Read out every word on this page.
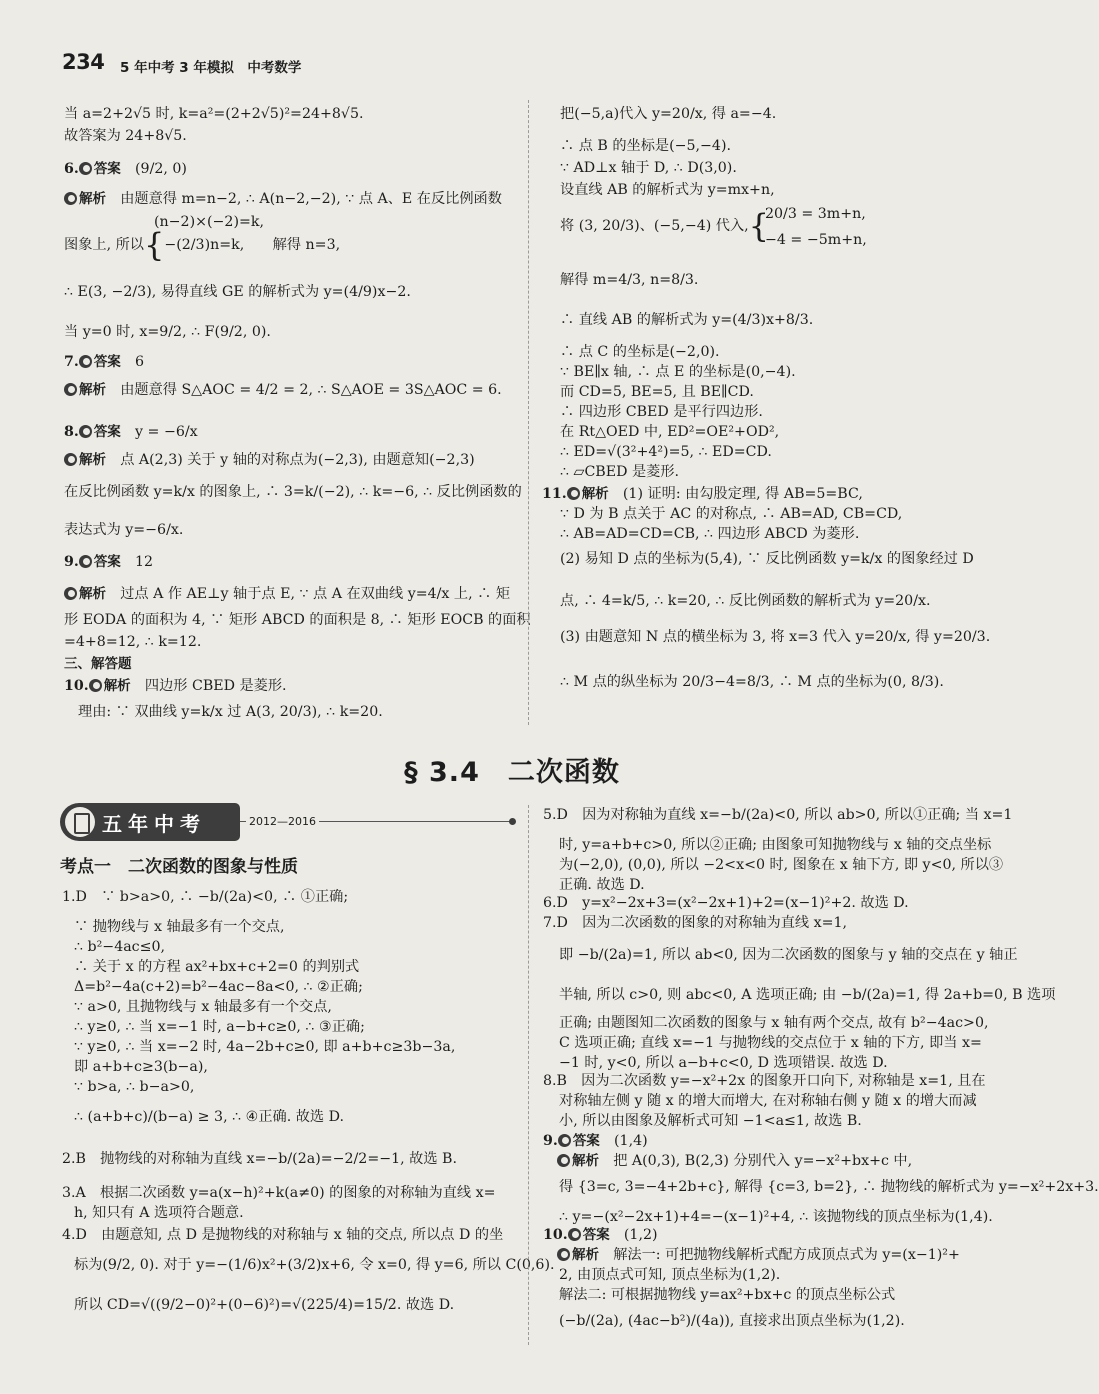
234 5 年中考 3 年模拟　中考数学
当 a=2+2√5 时, k=a²=(2+2√5)²=24+8√5.
故答案为 24+8√5.
6. 答案　 (9/2, 0)
解析　 由题意得 m=n−2, ∴ A(n−2,−2), ∵ 点 A、E 在反比例函数
(n−2)×(−2)=k,
图象上, 所以{−(2/3)n=k,　　 解得 n=3,
∴ E(3, −2/3), 易得直线 GE 的解析式为 y=(4/9)x−2.
当 y=0 时, x=9/2, ∴ F(9/2, 0).
7. 答案　 6
解析　 由题意得 S△AOC = 4/2 = 2, ∴ S△AOE = 3S△AOC = 6.
8. 答案　 y = −6/x
解析　 点 A(2,3) 关于 y 轴的对称点为(−2,3), 由题意知(−2,3)
在反比例函数 y=k/x 的图象上, ∴ 3=k/(−2), ∴ k=−6, ∴ 反比例函数的
表达式为 y=−6/x.
9. 答案　 12
解析　 过点 A 作 AE⊥y 轴于点 E, ∵ 点 A 在双曲线 y=4/x 上, ∴ 矩
形 EODA 的面积为 4, ∵ 矩形 ABCD 的面积是 8, ∴ 矩形 EOCB 的面积
=4+8=12, ∴ k=12.
三、解答题
10. 解析　 四边形 CBED 是菱形.
理由: ∵ 双曲线 y=k/x 过 A(3, 20/3), ∴ k=20.
把(−5,a)代入 y=20/x, 得 a=−4.
∴ 点 B 的坐标是(−5,−4).
∵ AD⊥x 轴于 D, ∴ D(3,0).
设直线 AB 的解析式为 y=mx+n,
将 (3, 20/3)、(−5,−4) 代入,{
20/3 = 3m+n,
−4 = −5m+n,
解得 m=4/3, n=8/3.
∴ 直线 AB 的解析式为 y=(4/3)x+8/3.
∴ 点 C 的坐标是(−2,0).
∵ BE∥x 轴, ∴ 点 E 的坐标是(0,−4).
而 CD=5, BE=5, 且 BE∥CD.
∴ 四边形 CBED 是平行四边形.
在 Rt△OED 中, ED²=OE²+OD²,
∴ ED=√(3²+4²)=5, ∴ ED=CD.
∴ ▱CBED 是菱形.
11. 解析　 (1) 证明: 由勾股定理, 得 AB=5=BC,
∵ D 为 B 点关于 AC 的对称点, ∴ AB=AD, CB=CD,
∴ AB=AD=CD=CB, ∴ 四边形 ABCD 为菱形.
(2) 易知 D 点的坐标为(5,4), ∵ 反比例函数 y=k/x 的图象经过 D
点, ∴ 4=k/5, ∴ k=20, ∴ 反比例函数的解析式为 y=20/x.
(3) 由题意知 N 点的横坐标为 3, 将 x=3 代入 y=20/x, 得 y=20/3.
∴ M 点的纵坐标为 20/3−4=8/3, ∴ M 点的坐标为(0, 8/3).
§ 3.4　二次函数
五年中考	2012—2016
考点一　二次函数的图象与性质
1.D　∵ b>a>0, ∴ −b/(2a)<0, ∴ ①正确;
∵ 抛物线与 x 轴最多有一个交点,
∴ b²−4ac≤0,
∴ 关于 x 的方程 ax²+bx+c+2=0 的判别式
Δ=b²−4a(c+2)=b²−4ac−8a<0, ∴ ②正确;
∵ a>0, 且抛物线与 x 轴最多有一个交点,
∴ y≥0, ∴ 当 x=−1 时, a−b+c≥0, ∴ ③正确;
∵ y≥0, ∴ 当 x=−2 时, 4a−2b+c≥0, 即 a+b+c≥3b−3a,
即 a+b+c≥3(b−a),
∵ b>a, ∴ b−a>0,
∴ (a+b+c)/(b−a) ≥ 3, ∴ ④正确. 故选 D.
2.B　抛物线的对称轴为直线 x=−b/(2a)=−2/2=−1, 故选 B.
3.A　根据二次函数 y=a(x−h)²+k(a≠0) 的图象的对称轴为直线 x=
h, 知只有 A 选项符合题意.
4.D　由题意知, 点 D 是抛物线的对称轴与 x 轴的交点, 所以点 D 的坐
标为(9/2, 0). 对于 y=−(1/6)x²+(3/2)x+6, 令 x=0, 得 y=6, 所以 C(0,6).
所以 CD=√((9/2−0)²+(0−6)²)=√(225/4)=15/2. 故选 D.
5.D　因为对称轴为直线 x=−b/(2a)<0, 所以 ab>0, 所以①正确; 当 x=1
时, y=a+b+c>0, 所以②正确; 由图象可知抛物线与 x 轴的交点坐标
为(−2,0), (0,0), 所以 −2<x<0 时, 图象在 x 轴下方, 即 y<0, 所以③
正确. 故选 D.
6.D　y=x²−2x+3=(x²−2x+1)+2=(x−1)²+2. 故选 D.
7.D　因为二次函数的图象的对称轴为直线 x=1,
即 −b/(2a)=1, 所以 ab<0, 因为二次函数的图象与 y 轴的交点在 y 轴正
半轴, 所以 c>0, 则 abc<0, A 选项正确; 由 −b/(2a)=1, 得 2a+b=0, B 选项
正确; 由题图知二次函数的图象与 x 轴有两个交点, 故有 b²−4ac>0,
C 选项正确; 直线 x=−1 与抛物线的交点位于 x 轴的下方, 即当 x=
−1 时, y<0, 所以 a−b+c<0, D 选项错误. 故选 D.
8.B　因为二次函数 y=−x²+2x 的图象开口向下, 对称轴是 x=1, 且在
对称轴左侧 y 随 x 的增大而增大, 在对称轴右侧 y 随 x 的增大而减
小, 所以由图象及解析式可知 −1<a≤1, 故选 B.
9. 答案　 (1,4)
解析　 把 A(0,3), B(2,3) 分别代入 y=−x²+bx+c 中,
得 {3=c, 3=−4+2b+c}, 解得 {c=3, b=2}, ∴ 抛物线的解析式为 y=−x²+2x+3.
∴ y=−(x²−2x+1)+4=−(x−1)²+4, ∴ 该抛物线的顶点坐标为(1,4).
10. 答案　 (1,2)
解析　 解法一: 可把抛物线解析式配方成顶点式为 y=(x−1)²+
2, 由顶点式可知, 顶点坐标为(1,2).
解法二: 可根据抛物线 y=ax²+bx+c 的顶点坐标公式
(−b/(2a), (4ac−b²)/(4a)), 直接求出顶点坐标为(1,2).
